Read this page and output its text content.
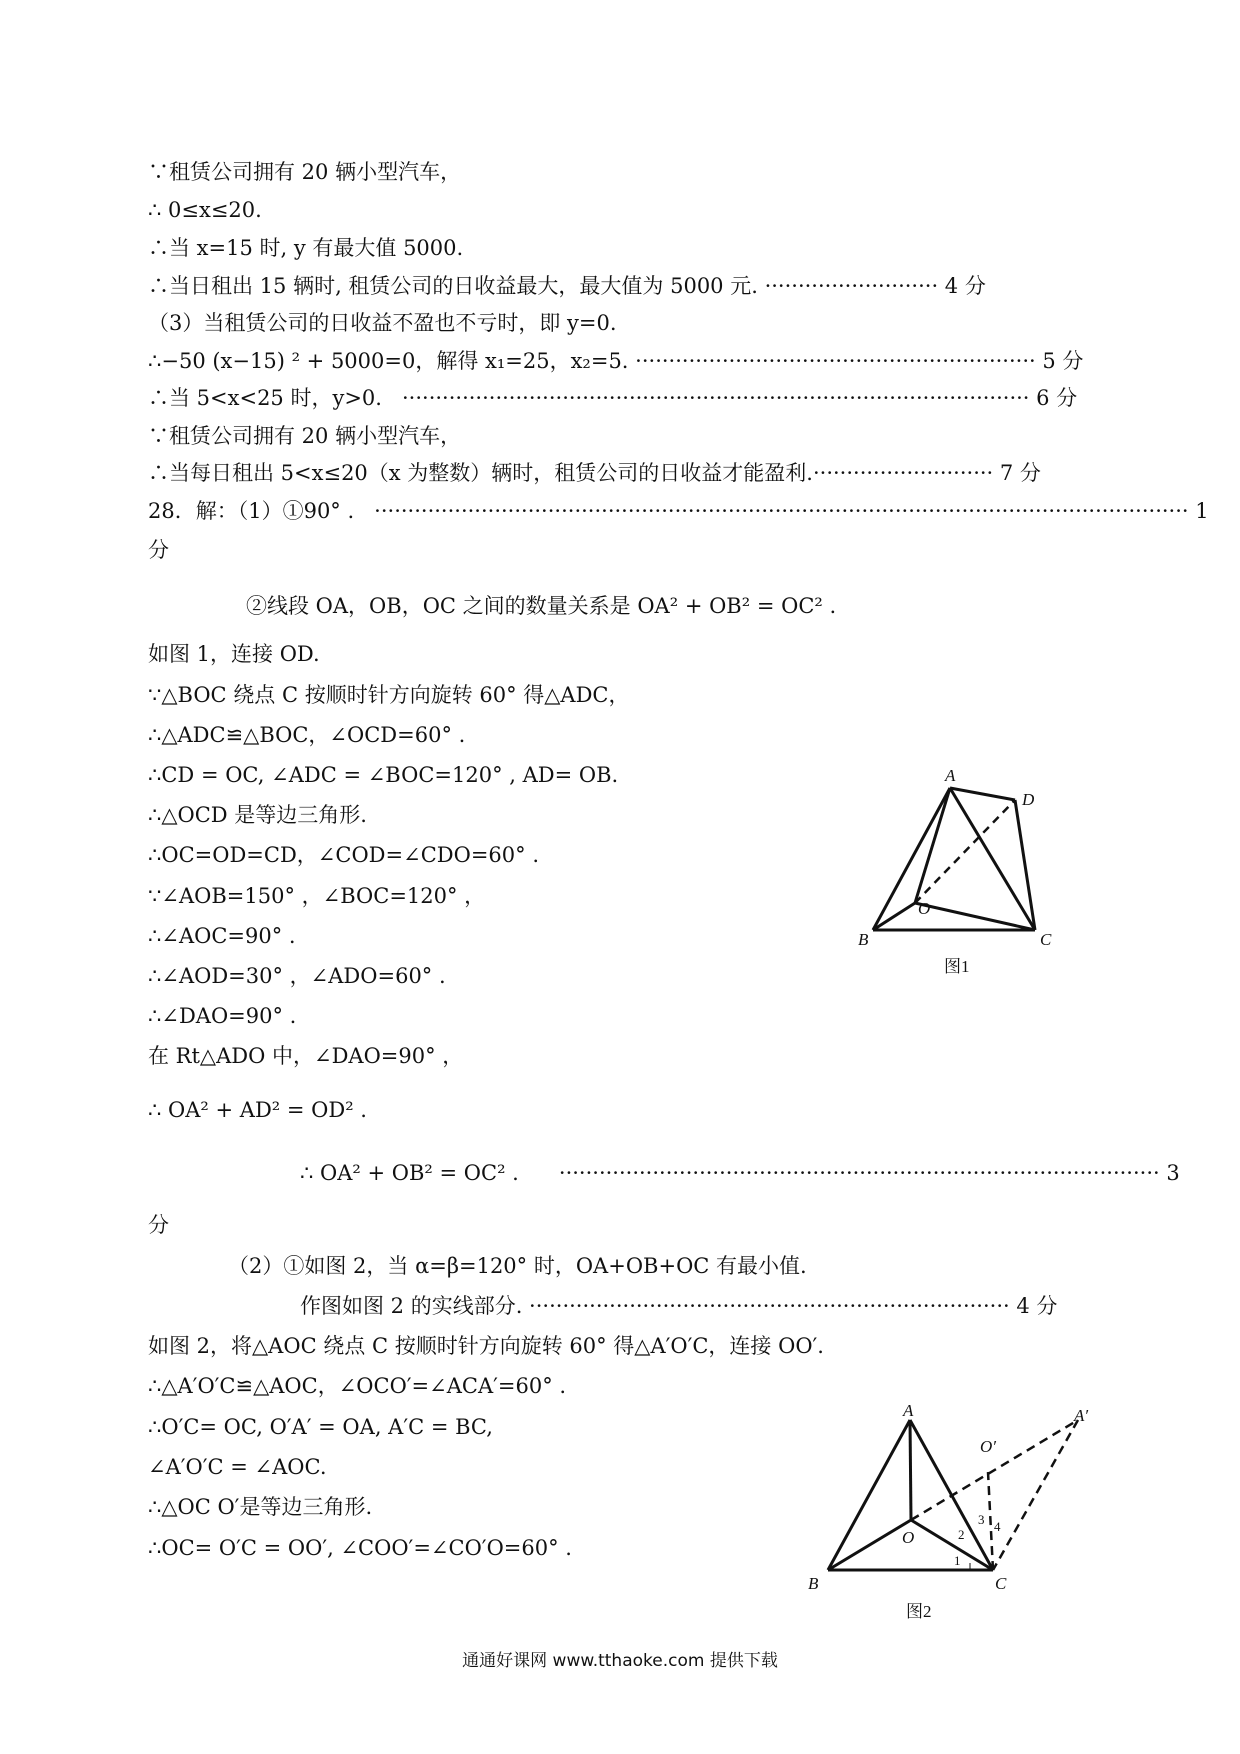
∵租赁公司拥有 20 辆小型汽车，
∴ 0≤x≤20.
∴当 x=15 时, y 有最大值 5000.
∴当日租出 15 辆时, 租赁公司的日收益最大，最大值为 5000 元. ·························· 4 分
（3）当租赁公司的日收益不盈也不亏时，即 y=0.
∴−50 (x−15) ² + 5000=0，解得 x₁=25，x₂=5. ···························································· 5 分
∴当 5<x<25 时，y>0.   ······························································································ 6 分
∵租赁公司拥有 20 辆小型汽车，
∴当每日租出 5<x≤20（x 为整数）辆时，租赁公司的日收益才能盈利.··························· 7 分
28．解：（1）①90° .   ·························································································································· 1
分
②线段 OA，OB，OC 之间的数量关系是 OA² + OB² = OC² .
如图 1，连接 OD.
∵△BOC 绕点 C 按顺时针方向旋转 60° 得△ADC，
∴△ADC≌△BOC，∠OCD=60° .
∴CD = OC, ∠ADC = ∠BOC=120° , AD= OB.
∴△OCD 是等边三角形.
∴OC=OD=CD，∠COD=∠CDO=60° .
∵∠AOB=150° ，∠BOC=120° ，
∴∠AOC=90° .
∴∠AOD=30° ，∠ADO=60° .
∴∠DAO=90° .
在 Rt△ADO 中，∠DAO=90° ，
∴ OA² + AD² = OD² .
∴ OA² + OB² = OC² .      ·························································································· 3
分
（2）①如图 2，当 α=β=120° 时，OA+OB+OC 有最小值.
作图如图 2 的实线部分. ········································································ 4 分
如图 2，将△AOC 绕点 C 按顺时针方向旋转 60° 得△A′O′C，连接 OO′.
∴△A′O′C≌△AOC，∠OCO′=∠ACA′=60° .
∴O′C= OC, O′A′ = OA, A′C = BC,
∠A′O′C = ∠AOC.
∴△OC O′是等边三角形.
∴OC= O′C = OO′, ∠COO′=∠CO′O=60° .
A
D
O
B	C
图1
A	A′
O′
O
B	C
1
2
3 4
图2
通通好课网 www.tthaoke.com 提供下载
